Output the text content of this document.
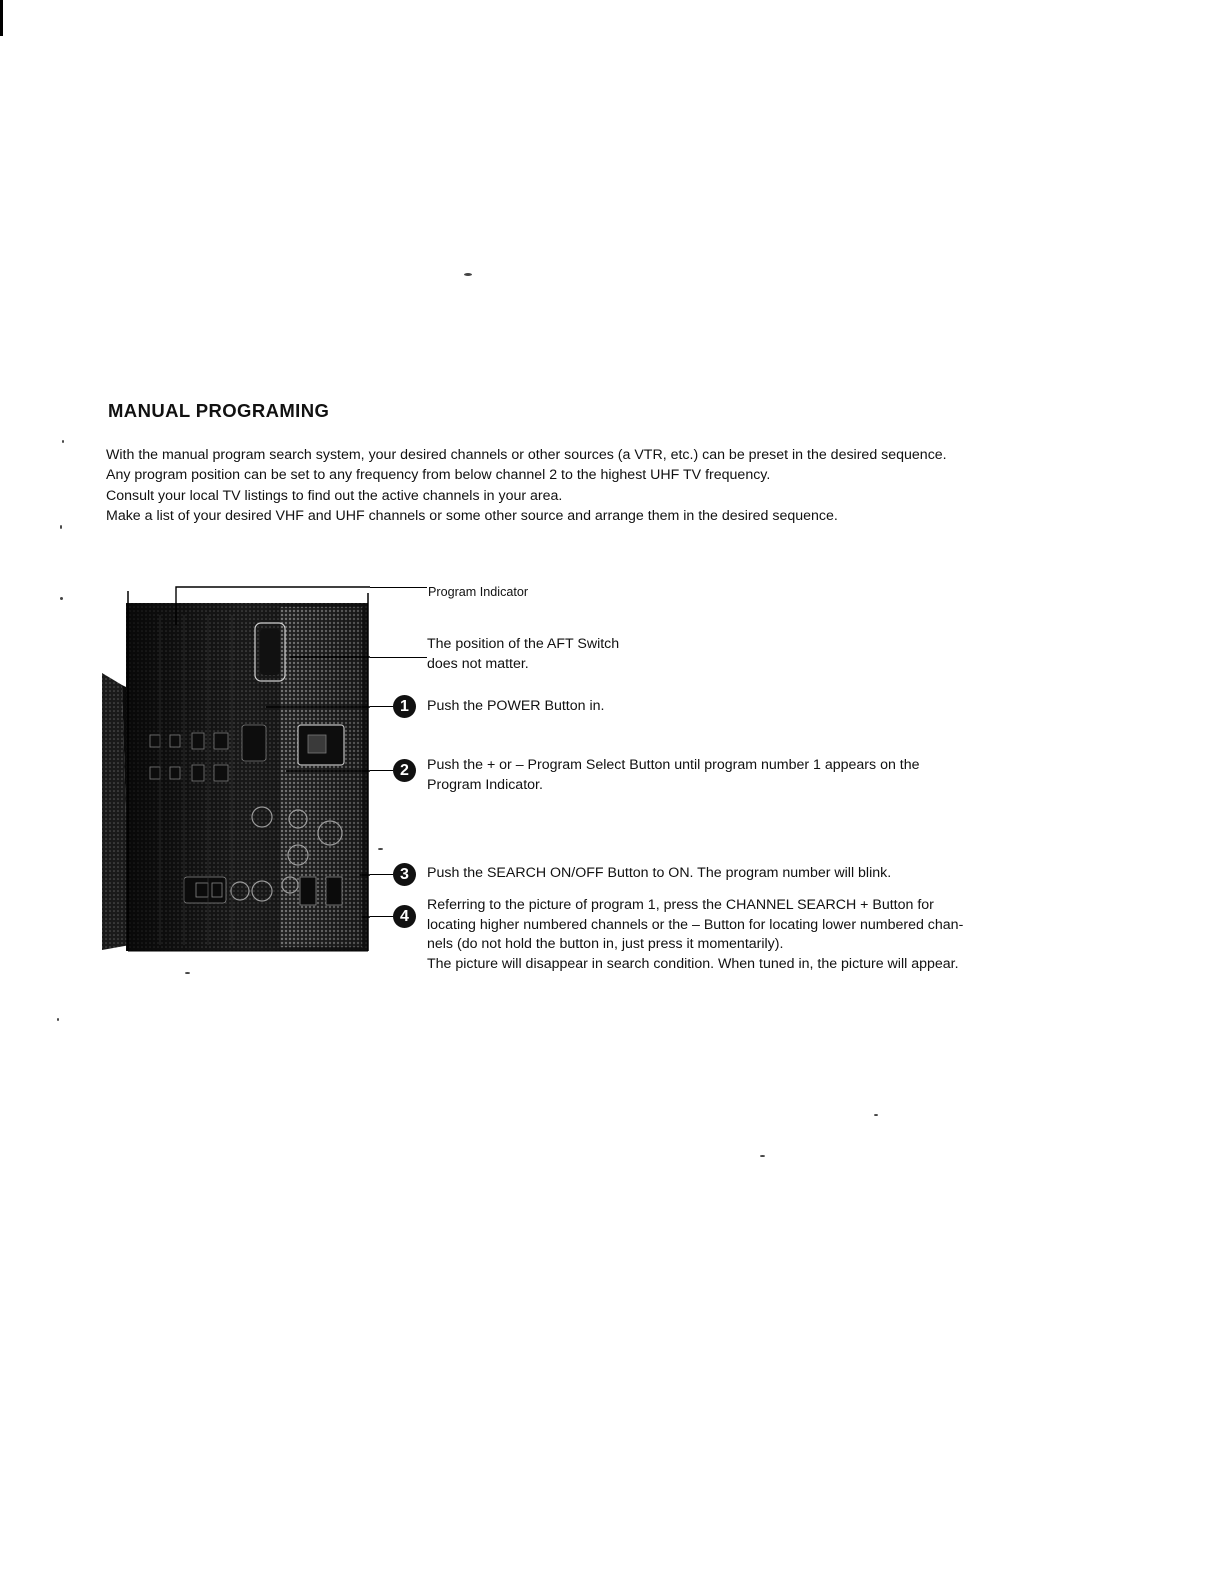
MANUAL PROGRAMING
With the manual program search system, your desired channels or other sources (a VTR, etc.) can be preset in the desired sequence.
Any program position can be set to any frequency from below channel 2 to the highest UHF TV frequency.
Consult your local TV listings to find out the active channels in your area.
Make a list of your desired VHF and UHF channels or some other source and arrange them in the desired sequence.

Program Indicator

The position of the AFT Switch
does not matter.

1	Push the POWER Button in.

2	Push the + or – Program Select Button until program number 1 appears on the
Program Indicator.

3	Push the SEARCH ON/OFF Button to ON. The program number will blink.

4

Referring to the picture of program 1, press the CHANNEL SEARCH + Button for
locating higher numbered channels or the – Button for locating lower numbered chan-
nels (do not hold the button in, just press it momentarily).
The picture will disappear in search condition. When tuned in, the picture will appear.
